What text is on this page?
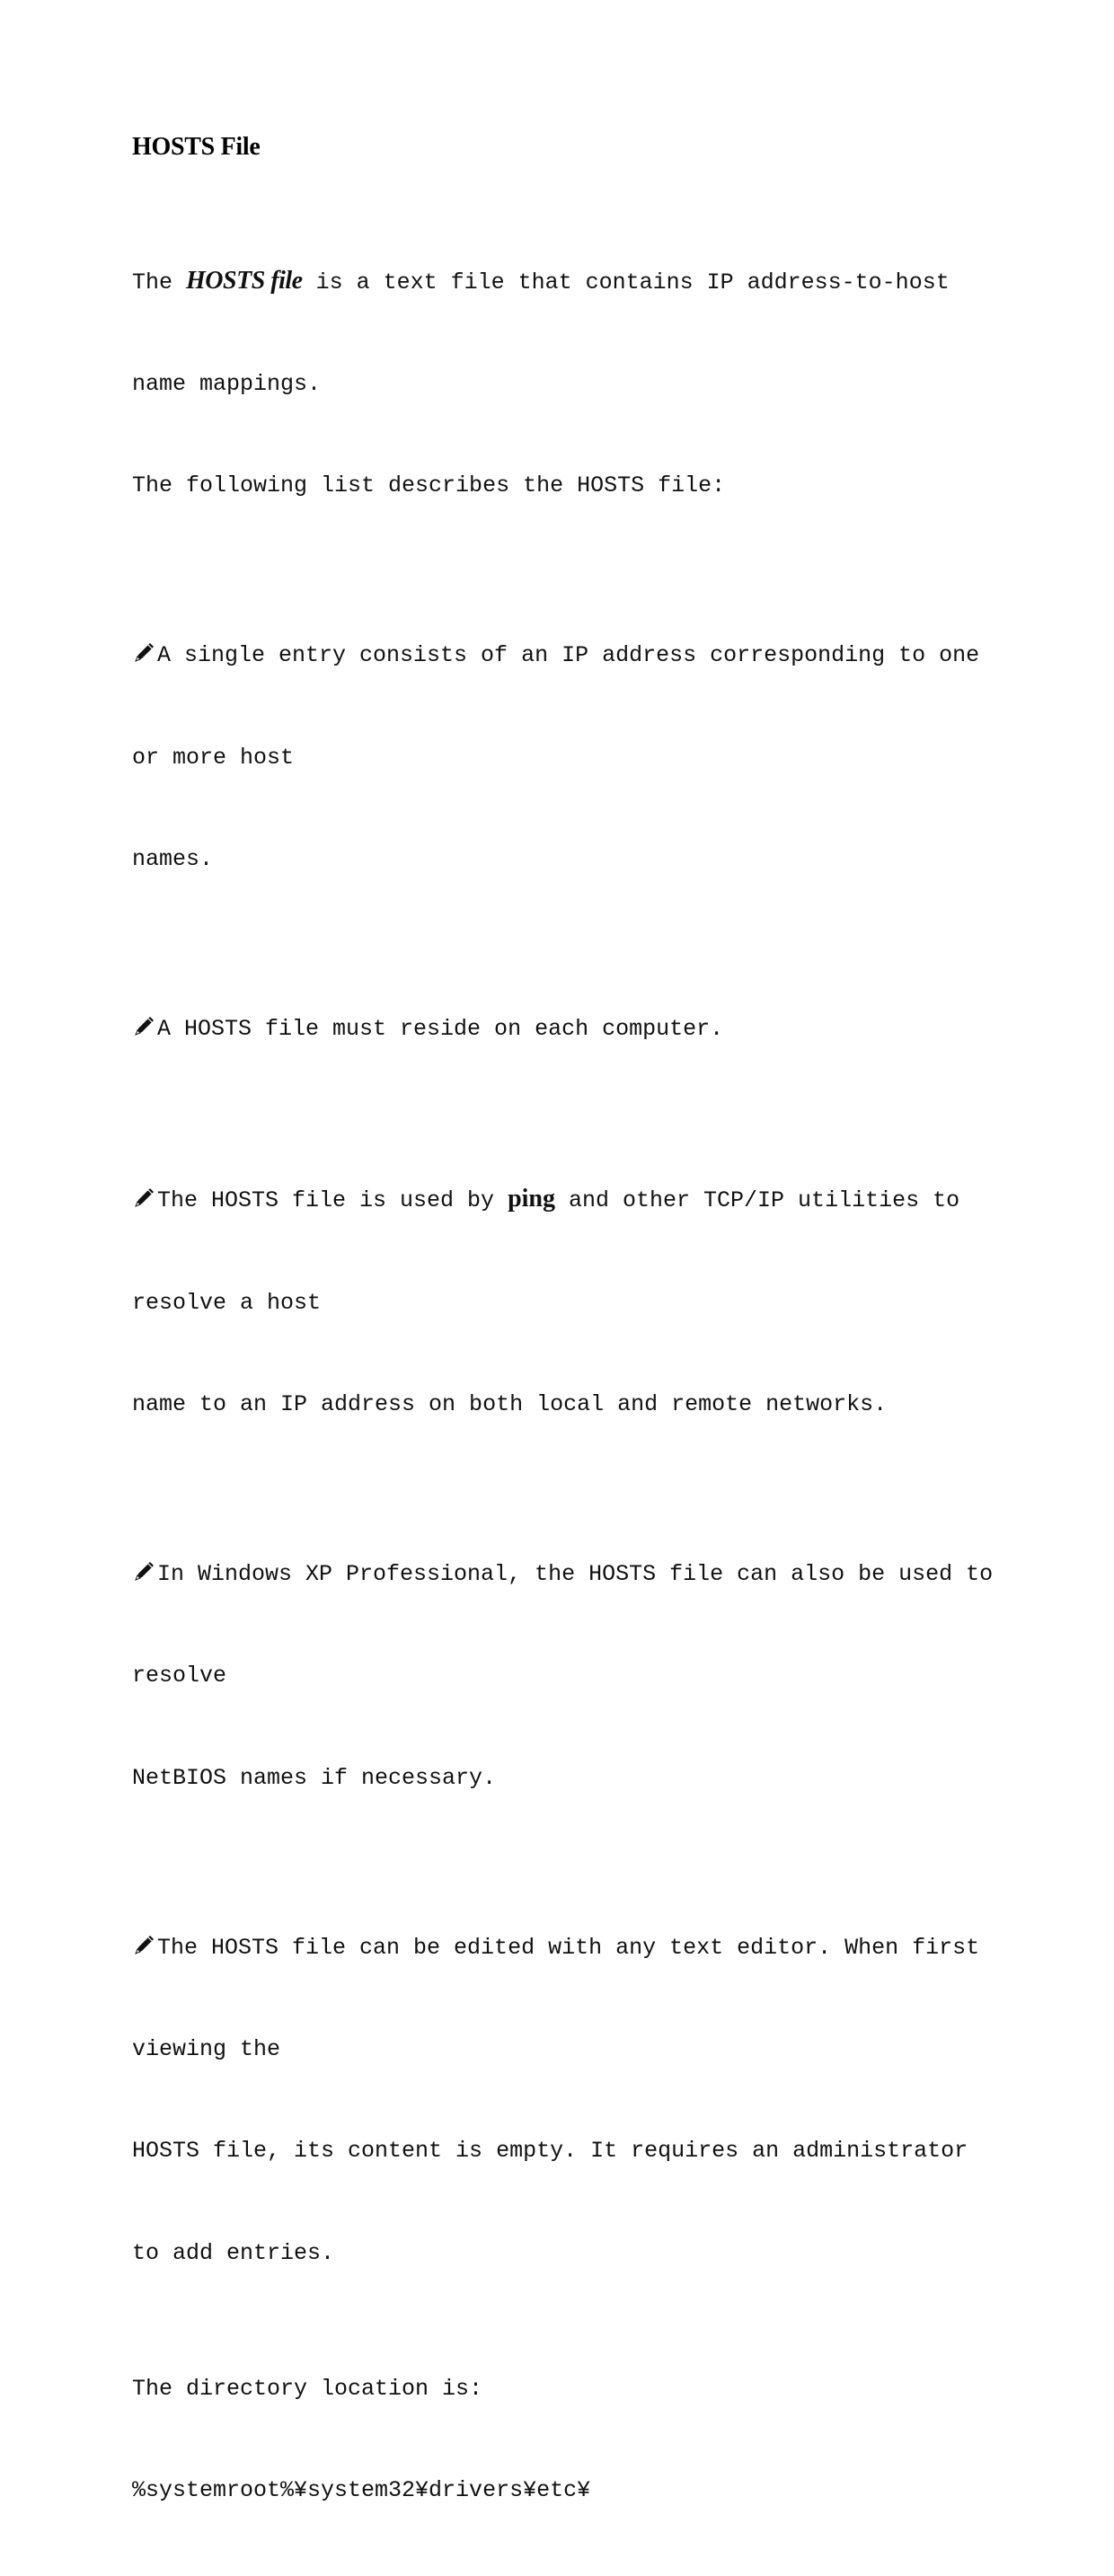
HOSTS File

The HOSTS file is a text file that contains IP address-to-host

name mappings.

The following list describes the HOSTS file:

A single entry consists of an IP address corresponding to one

or more host

names.

A HOSTS file must reside on each computer.

The HOSTS file is used by ping and other TCP/IP utilities to

resolve a host

name to an IP address on both local and remote networks.

In Windows XP Professional, the HOSTS file can also be used to

resolve

NetBIOS names if necessary.

The HOSTS file can be edited with any text editor. When first

viewing the

HOSTS file, its content is empty. It requires an administrator

to add entries.

The directory location is:

%systemroot%¥system32¥drivers¥etc¥
